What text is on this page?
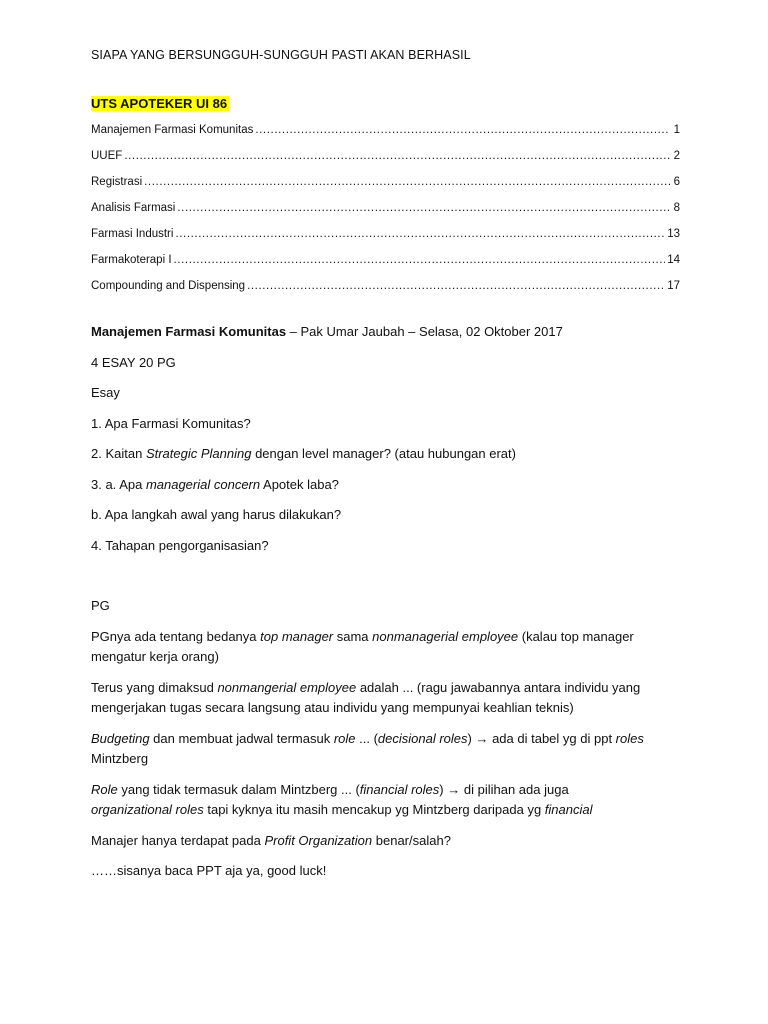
SIAPA YANG BERSUNGGUH-SUNGGUH PASTI AKAN BERHASIL
UTS APOTEKER UI 86
Manajemen Farmasi Komunitas .....	1
UUEF .....	2
Registrasi .....	6
Analisis Farmasi .....	8
Farmasi Industri .....	13
Farmakoterapi I .....	14
Compounding and Dispensing .....	17

Manajemen Farmasi Komunitas – Pak Umar Jaubah – Selasa, 02 Oktober 2017

4 ESAY 20 PG

Esay

1. Apa Farmasi Komunitas?

2. Kaitan Strategic Planning dengan level manager? (atau hubungan erat)

3. a. Apa managerial concern Apotek laba?

b. Apa langkah awal yang harus dilakukan?

4. Tahapan pengorganisasian?

PG

PGnya ada tentang bedanya top manager sama nonmanagerial employee (kalau top manager
mengatur kerja orang)

Terus yang dimaksud nonmangerial employee adalah ... (ragu jawabannya antara individu yang
mengerjakan tugas secara langsung atau individu yang mempunyai keahlian teknis)

Budgeting dan membuat jadwal termasuk role ... (decisional roles) → ada di tabel yg di ppt roles
Mintzberg

Role yang tidak termasuk dalam Mintzberg ... (financial roles) → di pilihan ada juga
organizational roles tapi kyknya itu masih mencakup yg Mintzberg daripada yg financial

Manajer hanya terdapat pada Profit Organization benar/salah?

……sisanya baca PPT aja ya, good luck!
